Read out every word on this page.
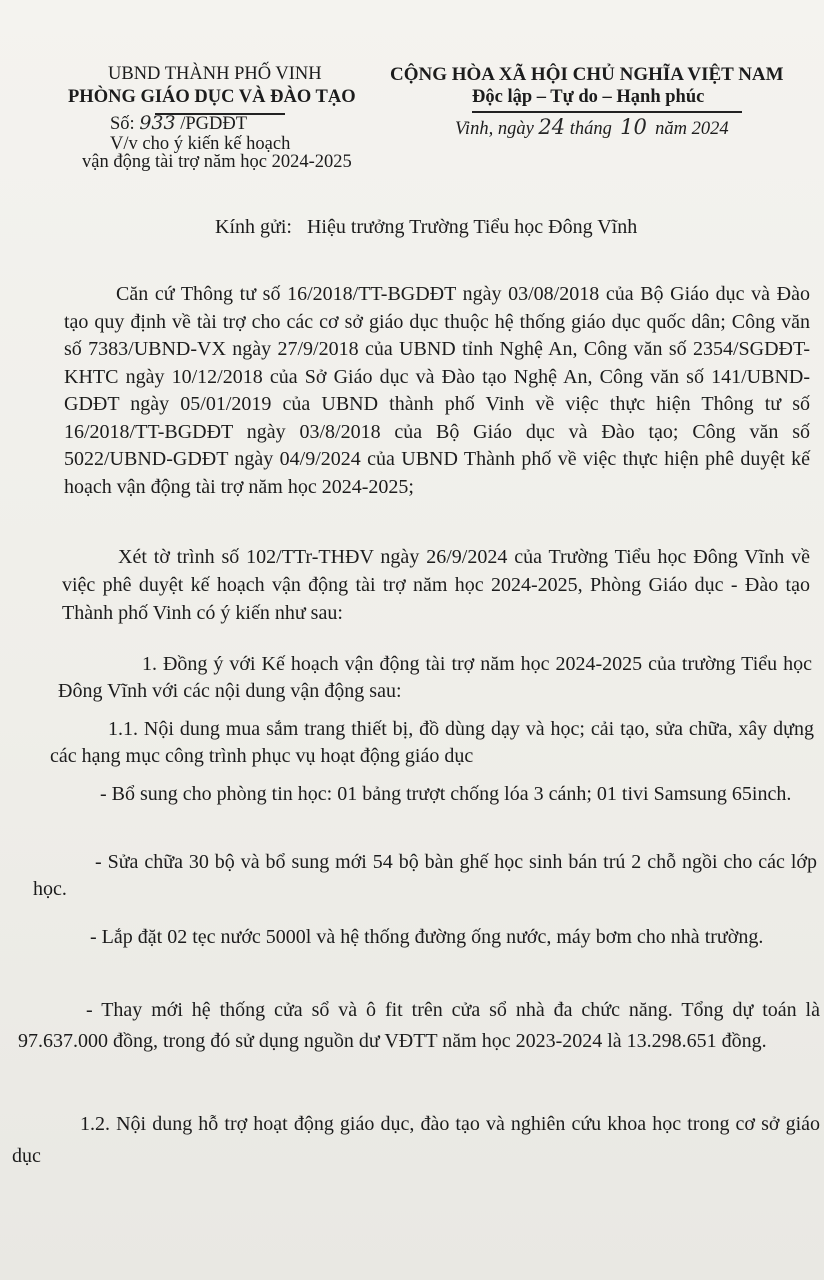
UBND THÀNH PHỐ VINH
PHÒNG GIÁO DỤC VÀ ĐÀO TẠO
Số: 933 /PGDĐT
V/v cho ý kiến kế hoạch
vận động tài trợ năm học 2024-2025
CỘNG HÒA XÃ HỘI CHỦ NGHĨA VIỆT NAM
Độc lập – Tự do – Hạnh phúc
Vinh, ngày 24 tháng 10 năm 2024
Kính gửi:   Hiệu trưởng Trường Tiểu học Đông Vĩnh
Căn cứ Thông tư số 16/2018/TT-BGDĐT ngày 03/08/2018 của Bộ Giáo dục và Đào tạo quy định về tài trợ cho các cơ sở giáo dục thuộc hệ thống giáo dục quốc dân; Công văn số 7383/UBND-VX ngày 27/9/2018 của UBND tỉnh Nghệ An, Công văn số 2354/SGDĐT-KHTC ngày 10/12/2018 của Sở Giáo dục và Đào tạo Nghệ An, Công văn số 141/UBND-GDĐT ngày 05/01/2019 của UBND thành phố Vinh về việc thực hiện Thông tư số 16/2018/TT-BGDĐT ngày 03/8/2018 của Bộ Giáo dục và Đào tạo; Công văn số 5022/UBND-GDĐT ngày 04/9/2024 của UBND Thành phố về việc thực hiện phê duyệt kế hoạch vận động tài trợ năm học 2024-2025;
Xét tờ trình số 102/TTr-THĐV ngày 26/9/2024 của Trường Tiểu học Đông Vĩnh về việc phê duyệt kế hoạch vận động tài trợ năm học 2024-2025, Phòng Giáo dục - Đào tạo Thành phố Vinh có ý kiến như sau:
1. Đồng ý với Kế hoạch vận động tài trợ năm học 2024-2025 của trường Tiểu học Đông Vĩnh với các nội dung vận động sau:
1.1. Nội dung mua sắm trang thiết bị, đồ dùng dạy và học; cải tạo, sửa chữa, xây dựng các hạng mục công trình phục vụ hoạt động giáo dục
- Bổ sung cho phòng tin học: 01 bảng trượt chống lóa 3 cánh; 01 tivi Samsung 65inch.
- Sửa chữa 30 bộ và bổ sung mới 54 bộ bàn ghế học sinh bán trú 2 chỗ ngồi cho các lớp học.
- Lắp đặt 02 tẹc nước 5000l và hệ thống đường ống nước, máy bơm cho nhà trường.
- Thay mới hệ thống cửa sổ và ô fit trên cửa sổ nhà đa chức năng. Tổng dự toán là 97.637.000 đồng, trong đó sử dụng nguồn dư VĐTT năm học 2023-2024 là 13.298.651 đồng.
1.2. Nội dung hỗ trợ hoạt động giáo dục, đào tạo và nghiên cứu khoa học trong cơ sở giáo dục
